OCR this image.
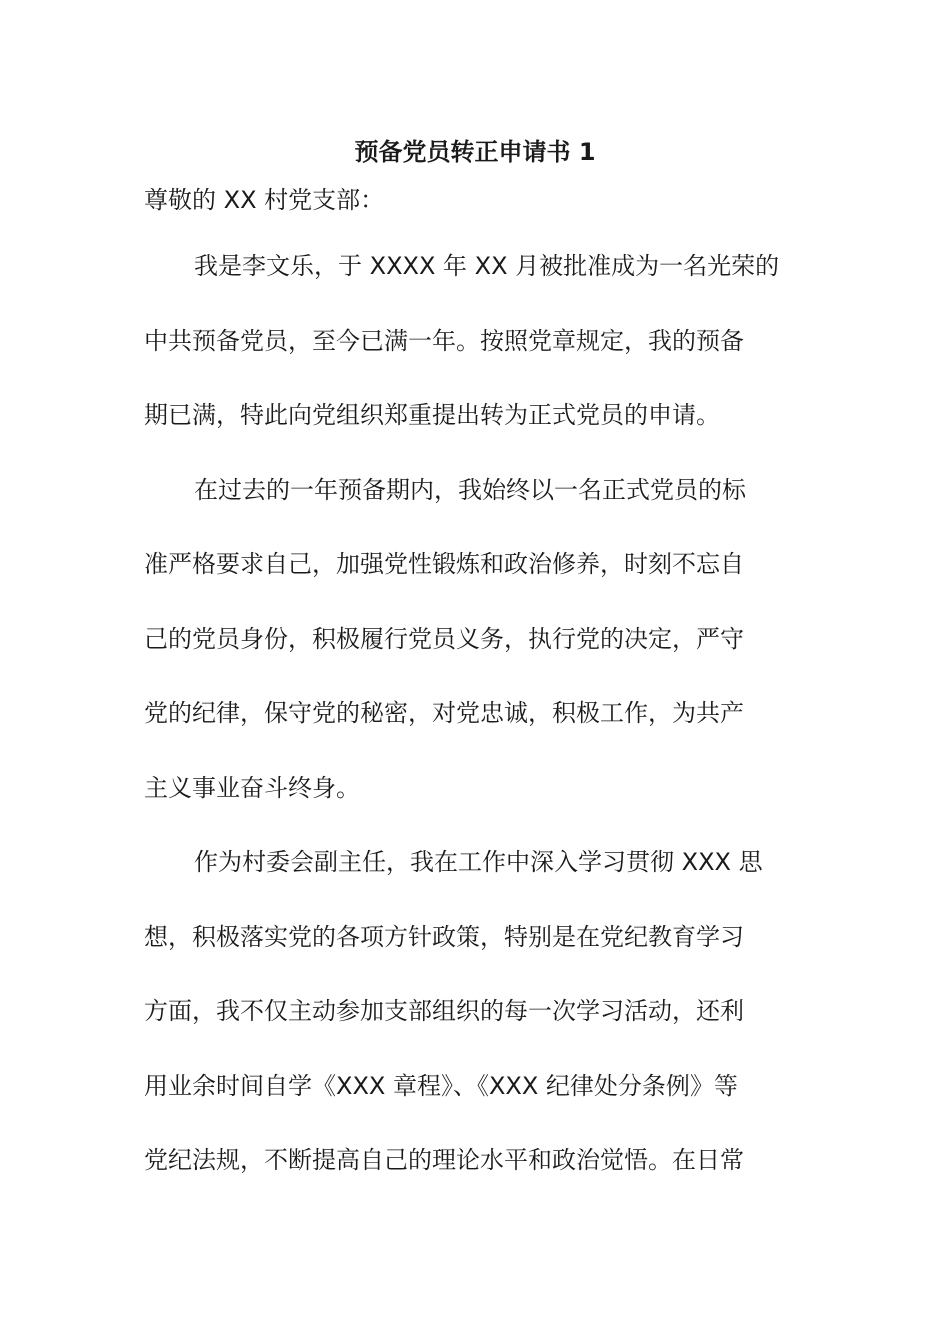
预备党员转正申请书 1

尊敬的 XX 村党支部：

我是李文乐，于 XXXX 年 XX 月被批准成为一名光荣的
中共预备党员，至今已满一年。按照党章规定，我的预备
期已满，特此向党组织郑重提出转为正式党员的申请。
在过去的一年预备期内，我始终以一名正式党员的标
准严格要求自己，加强党性锻炼和政治修养，时刻不忘自
己的党员身份，积极履行党员义务，执行党的决定，严守
党的纪律，保守党的秘密，对党忠诚，积极工作，为共产
主义事业奋斗终身。
作为村委会副主任，我在工作中深入学习贯彻 XXX 思
想，积极落实党的各项方针政策，特别是在党纪教育学习
方面，我不仅主动参加支部组织的每一次学习活动，还利
用业余时间自学《XXX 章程》、《XXX 纪律处分条例》等
党纪法规，不断提高自己的理论水平和政治觉悟。在日常
